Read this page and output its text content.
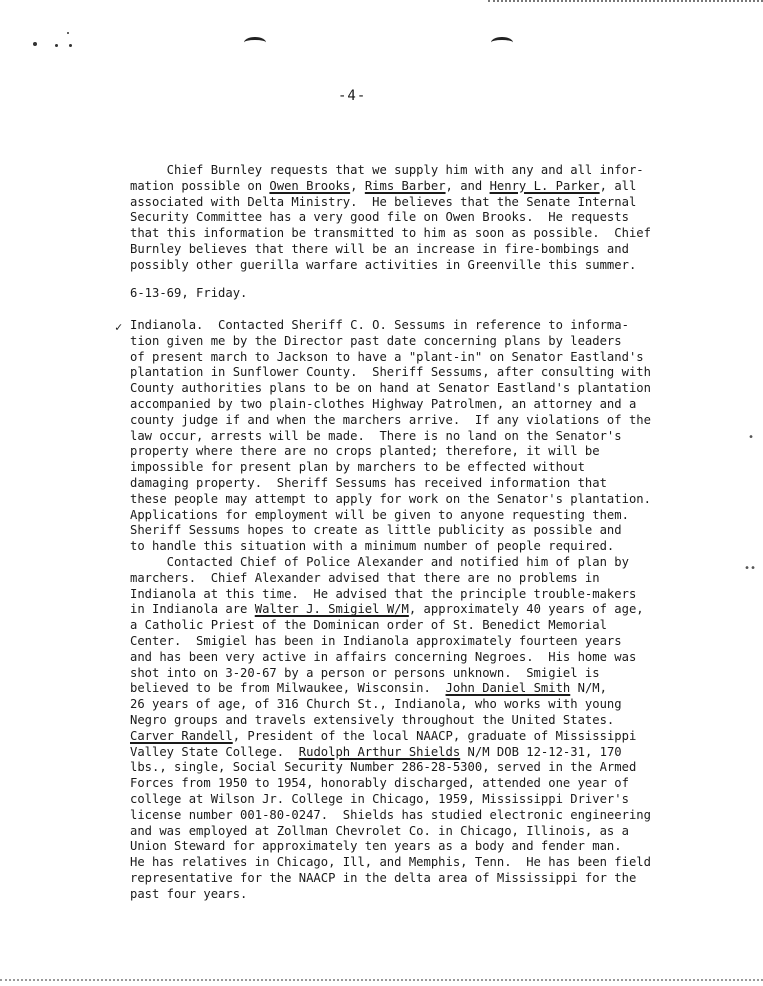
-4-
Chief Burnley requests that we supply him with any and all infor-
mation possible on Owen Brooks, Rims Barber, and Henry L. Parker, all
associated with Delta Ministry.  He believes that the Senate Internal
Security Committee has a very good file on Owen Brooks.  He requests
that this information be transmitted to him as soon as possible.  Chief
Burnley believes that there will be an increase in fire-bombings and
possibly other guerilla warfare activities in Greenville this summer.
6-13-69, Friday.
✓ Indianola.  Contacted Sheriff C. O. Sessums in reference to informa-
tion given me by the Director past date concerning plans by leaders
of present march to Jackson to have a "plant-in" on Senator Eastland's
plantation in Sunflower County.  Sheriff Sessums, after consulting with
County authorities plans to be on hand at Senator Eastland's plantation
accompanied by two plain-clothes Highway Patrolmen, an attorney and a
county judge if and when the marchers arrive.  If any violations of the
law occur, arrests will be made.  There is no land on the Senator's
property where there are no crops planted; therefore, it will be
impossible for present plan by marchers to be effected without
damaging property.  Sheriff Sessums has received information that
these people may attempt to apply for work on the Senator's plantation.
Applications for employment will be given to anyone requesting them.
Sheriff Sessums hopes to create as little publicity as possible and
to handle this situation with a minimum number of people required.
Contacted Chief of Police Alexander and notified him of plan by
marchers.  Chief Alexander advised that there are no problems in
Indianola at this time.  He advised that the principle trouble-makers
in Indianola are Walter J. Smigiel W/M, approximately 40 years of age,
a Catholic Priest of the Dominican order of St. Benedict Memorial
Center.  Smigiel has been in Indianola approximately fourteen years
and has been very active in affairs concerning Negroes.  His home was
shot into on 3-20-67 by a person or persons unknown.  Smigiel is
believed to be from Milwaukee, Wisconsin.  John Daniel Smith N/M,
26 years of age, of 316 Church St., Indianola, who works with young
Negro groups and travels extensively throughout the United States.
Carver Randell, President of the local NAACP, graduate of Mississippi
Valley State College.  Rudolph Arthur Shields N/M DOB 12-12-31, 170
lbs., single, Social Security Number 286-28-5300, served in the Armed
Forces from 1950 to 1954, honorably discharged, attended one year of
college at Wilson Jr. College in Chicago, 1959, Mississippi Driver's
license number 001-80-0247.  Shields has studied electronic engineering
and was employed at Zollman Chevrolet Co. in Chicago, Illinois, as a
Union Steward for approximately ten years as a body and fender man.
He has relatives in Chicago, Ill, and Memphis, Tenn.  He has been field
representative for the NAACP in the delta area of Mississippi for the
past four years.
•
••
